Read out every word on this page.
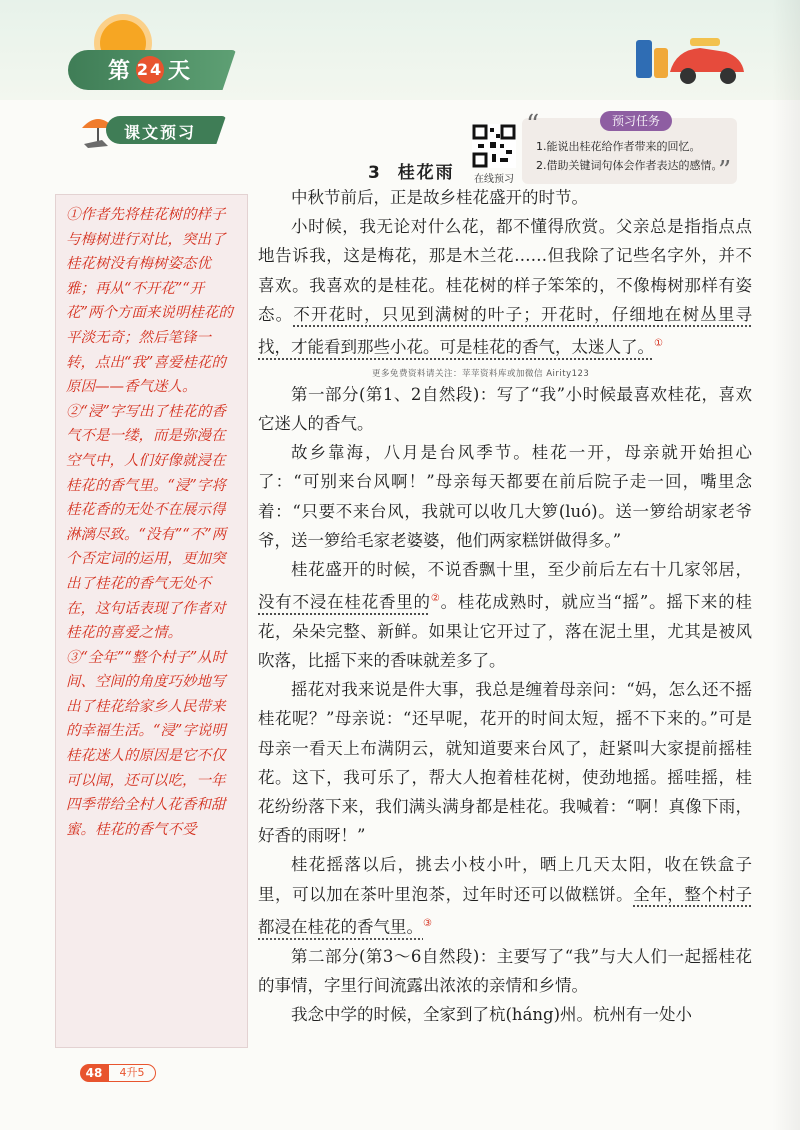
第 24 天
课文预习
在线预习
“
”
预习任务
1.能说出桂花给作者带来的回忆。
2.借助关键词句体会作者表达的感情。
3 桂花雨

①作者先将桂花树的样子与梅树进行对比，突出了桂花树没有梅树姿态优雅；再从“不开花”“开花”两个方面来说明桂花的平淡无奇；然后笔锋一转，点出“我”喜爱桂花的原因——香气迷人。

②“浸”字写出了桂花的香气不是一缕，而是弥漫在空气中，人们好像就浸在桂花的香气里。“浸”字将桂花香的无处不在展示得淋漓尽致。“没有”“不”两个否定词的运用，更加突出了桂花的香气无处不在，这句话表现了作者对桂花的喜爱之情。

③“全年”“整个村子”从时间、空间的角度巧妙地写出了桂花给家乡人民带来的幸福生活。“浸”字说明桂花迷人的原因是它不仅可以闻，还可以吃，一年四季带给全村人花香和甜蜜。桂花的香气不受

中秋节前后，正是故乡桂花盛开的时节。

小时候，我无论对什么花，都不懂得欣赏。父亲总是指指点点地告诉我，这是梅花，那是木兰花……但我除了记些名字外，并不喜欢。我喜欢的是桂花。桂花树的样子笨笨的，不像梅树那样有姿态。不开花时，只见到满树的叶子；开花时，仔细地在树丛里寻找，才能看到那些小花。可是桂花的香气，太迷人了。①

第一部分(第1、2自然段)：写了“我”小时候最喜欢桂花，喜欢它迷人的香气。

故乡靠海，八月是台风季节。桂花一开，母亲就开始担心了：“可别来台风啊！”母亲每天都要在前后院子走一回，嘴里念着：“只要不来台风，我就可以收几大箩(luó)。送一箩给胡家老爷爷，送一箩给毛家老婆婆，他们两家糕饼做得多。”

桂花盛开的时候，不说香飘十里，至少前后左右十几家邻居，没有不浸在桂花香里的②。桂花成熟时，就应当“摇”。摇下来的桂花，朵朵完整、新鲜。如果让它开过了，落在泥土里，尤其是被风吹落，比摇下来的香味就差多了。

摇花对我来说是件大事，我总是缠着母亲问：“妈，怎么还不摇桂花呢？”母亲说：“还早呢，花开的时间太短，摇不下来的。”可是母亲一看天上布满阴云，就知道要来台风了，赶紧叫大家提前摇桂花。这下，我可乐了，帮大人抱着桂花树，使劲地摇。摇哇摇，桂花纷纷落下来，我们满头满身都是桂花。我喊着：“啊！真像下雨，好香的雨呀！”

桂花摇落以后，挑去小枝小叶，晒上几天太阳，收在铁盒子里，可以加在茶叶里泡茶，过年时还可以做糕饼。全年，整个村子都浸在桂花的香气里。③

第二部分(第3～6自然段)：主要写了“我”与大人们一起摇桂花的事情，字里行间流露出浓浓的亲情和乡情。

我念中学的时候，全家到了杭(háng)州。杭州有一处小

更多免费资料请关注：苹苹资料库或加微信 Airity123
48	4升5
